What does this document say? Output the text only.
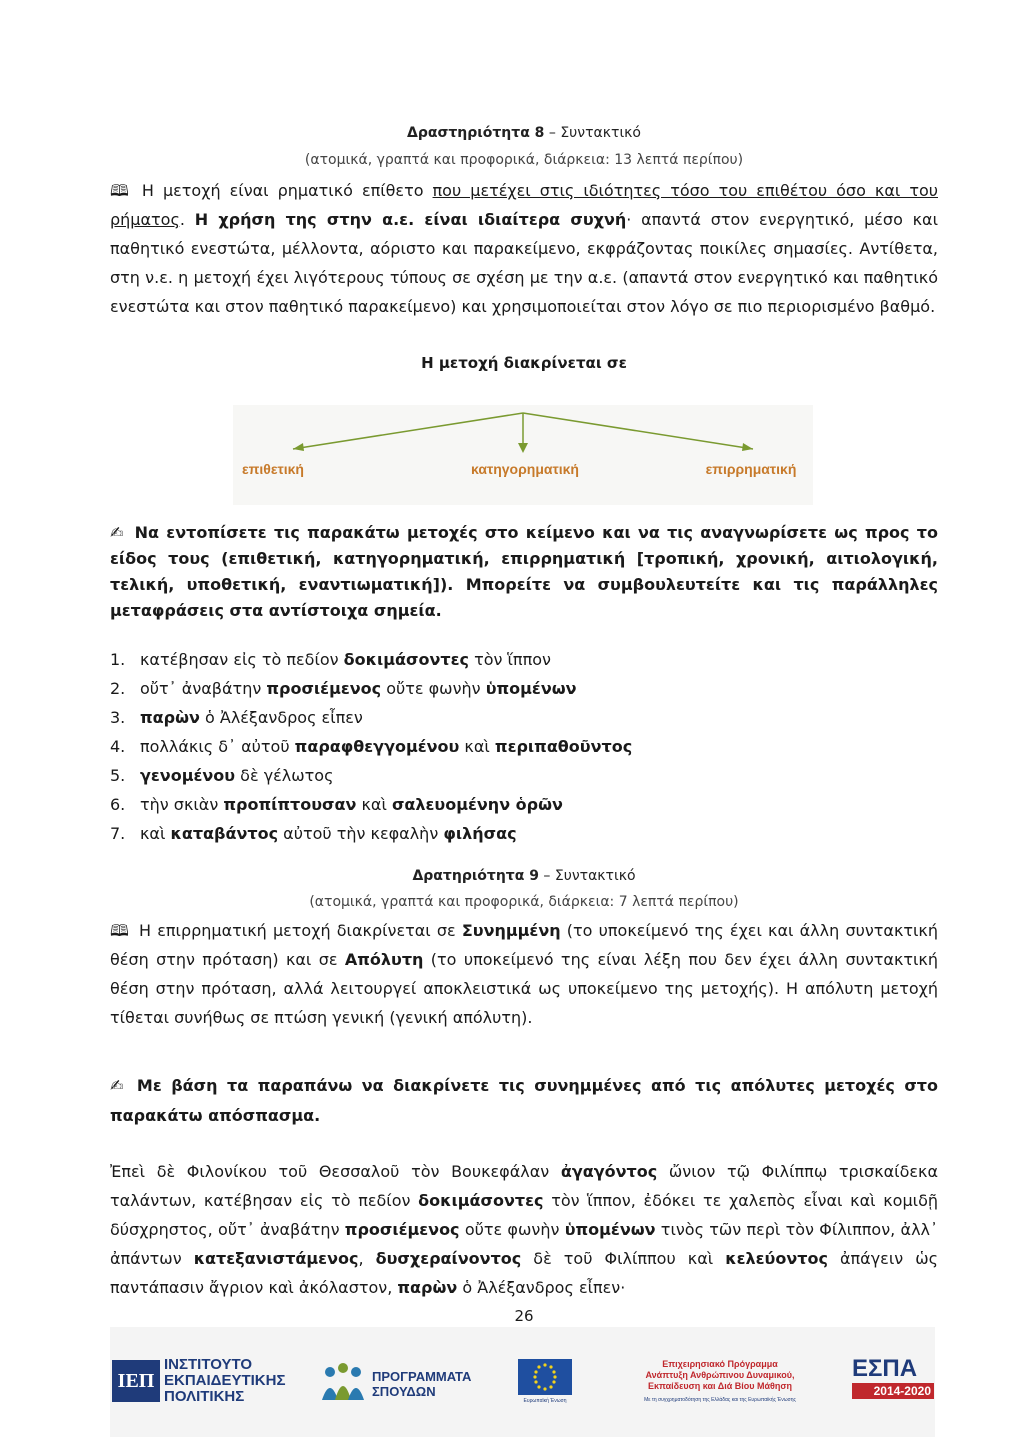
Δραστηριότητα 8 – Συντακτικό
(ατομικά, γραπτά και προφορικά, διάρκεια: 13 λεπτά περίπου)
🕮 Η μετοχή είναι ρηματικό επίθετο που μετέχει στις ιδιότητες τόσο του επιθέτου όσο και του ρήματος. Η χρήση της στην α.ε. είναι ιδιαίτερα συχνή· απαντά στον ενεργητικό, μέσο και παθητικό ενεστώτα, μέλλοντα, αόριστο και παρακείμενο, εκφράζοντας ποικίλες σημασίες. Αντίθετα, στη ν.ε. η μετοχή έχει λιγότερους τύπους σε σχέση με την α.ε. (απαντά στον ενεργητικό και παθητικό ενεστώτα και στον παθητικό παρακείμενο) και χρησιμοποιείται στον λόγο σε πιο περιορισμένο βαθμό.
Η μετοχή διακρίνεται σε
επιθετική	κατηγορηματική	επιρρηματική
✍ Να εντοπίσετε τις παρακάτω μετοχές στο κείμενο και να τις αναγνωρίσετε ως προς το είδος τους (επιθετική, κατηγορηματική, επιρρηματική [τροπική, χρονική, αιτιολογική, τελική, υποθετική, εναντιωματική]). Μπορείτε να συμβουλευτείτε και τις παράλληλες μεταφράσεις στα αντίστοιχα σημεία.
1. κατέβησαν εἰς τὸ πεδίον δοκιμάσοντες τὸν ἵππον
2. οὔτ᾽ ἀναβάτην προσιέμενος οὔτε φωνὴν ὑπομένων
3. παρὼν ὁ Ἀλέξανδρος εἶπεν
4. πολλάκις δ᾽ αὐτοῦ παραφθεγγομένου καὶ περιπαθοῦντος
5. γενομένου δὲ γέλωτος
6. τὴν σκιὰν προπίπτουσαν καὶ σαλευομένην ὁρῶν
7. καὶ καταβάντος αὐτοῦ τὴν κεφαλὴν φιλήσας
Δρατηριότητα 9 – Συντακτικό
(ατομικά, γραπτά και προφορικά, διάρκεια: 7 λεπτά περίπου)
🕮 Η επιρρηματική μετοχή διακρίνεται σε Συνημμένη (το υποκείμενό της έχει και άλλη συντακτική θέση στην πρόταση) και σε Απόλυτη (το υποκείμενό της είναι λέξη που δεν έχει άλλη συντακτική θέση στην πρόταση, αλλά λειτουργεί αποκλειστικά ως υποκείμενο της μετοχής). Η απόλυτη μετοχή τίθεται συνήθως σε πτώση γενική (γενική απόλυτη).
✍ Με βάση τα παραπάνω να διακρίνετε τις συνημμένες από τις απόλυτες μετοχές στο παρακάτω απόσπασμα.
Ἐπεὶ δὲ Φιλονίκου τοῦ Θεσσαλοῦ τὸν Βουκεφάλαν ἀγαγόντος ὤνιον τῷ Φιλίππῳ τρισκαίδεκα ταλάντων, κατέβησαν εἰς τὸ πεδίον δοκιμάσοντες τὸν ἵππον, ἐδόκει τε χαλεπὸς εἶναι καὶ κομιδῇ δύσχρηστος, οὔτ᾽ ἀναβάτην προσιέμενος οὔτε φωνὴν ὑπομένων τινὸς τῶν περὶ τὸν Φίλιππον, ἀλλ᾽ ἀπάντων κατεξανιστάμενος, δυσχεραίνοντος δὲ τοῦ Φιλίππου καὶ κελεύοντος ἀπάγειν ὡς παντάπασιν ἄγριον καὶ ἀκόλαστον, παρὼν ὁ Ἀλέξανδρος εἶπεν·
26
ΙΕΠ
ΙΝΣΤΙΤΟΥΤΟ
ΕΚΠΑΙΔΕΥΤΙΚΗΣ
ΠΟΛΙΤΙΚΗΣ
ΠΡΟΓΡΑΜΜΑΤΑ
ΣΠΟΥΔΩΝ
Ευρωπαϊκή Ένωση
Επιχειρησιακό Πρόγραμμα
Ανάπτυξη Ανθρώπινου Δυναμικού,
Εκπαίδευση και Διά Βίου Μάθηση
Με τη συγχρηματοδότηση της Ελλάδας και της Ευρωπαϊκής Ένωσης
ΕΣΠΑ
2014-2020
